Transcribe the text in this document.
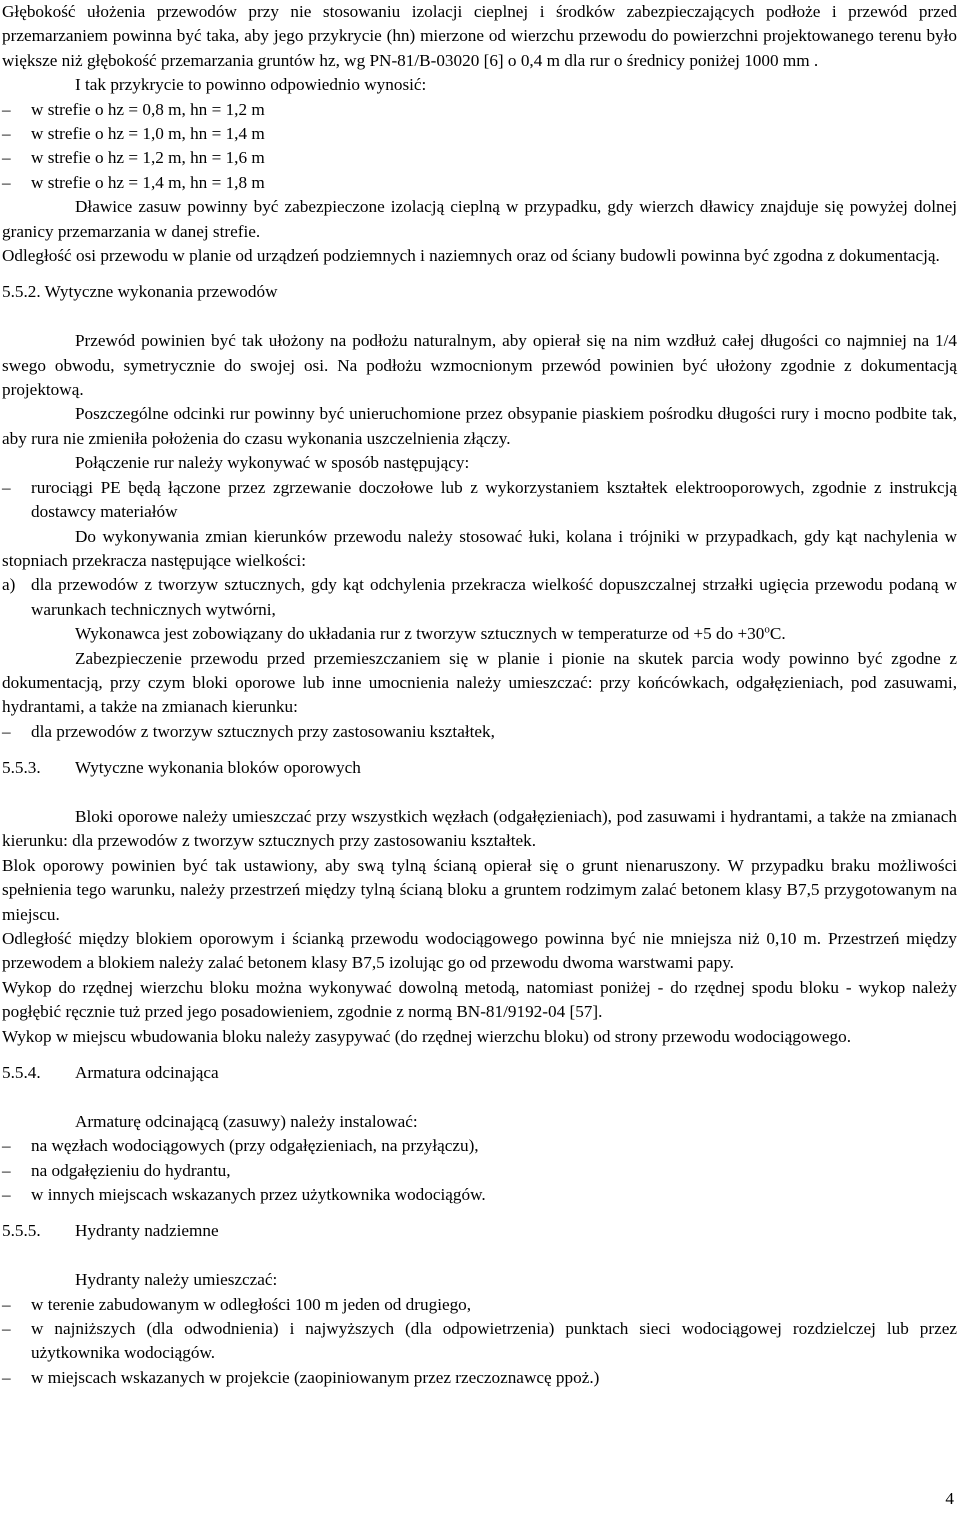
Głębokość ułożenia przewodów przy nie stosowaniu izolacji cieplnej i środków zabezpieczających podłoże i przewód przed przemarzaniem powinna być taka, aby jego przykrycie (hn) mierzone od wierzchu przewodu do powierzchni projektowanego terenu było większe niż głębokość przemarzania gruntów hz, wg PN-81/B-03020 [6] o 0,4 m dla rur o średnicy poniżej 1000 mm .

I tak przykrycie to powinno odpowiednio wynosić:

– w strefie o hz = 0,8 m, hn = 1,2 m
– w strefie o hz = 1,0 m, hn = 1,4 m
– w strefie o hz = 1,2 m, hn = 1,6 m
– w strefie o hz = 1,4 m, hn = 1,8 m

Dławice zasuw powinny być zabezpieczone izolacją cieplną w przypadku, gdy wierzch dławicy znajduje się powyżej dolnej granicy przemarzania w danej strefie.

Odległość osi przewodu w planie od urządzeń podziemnych i naziemnych oraz od ściany budowli powinna być zgodna z dokumentacją.

5.5.2. Wytyczne wykonania przewodów

Przewód powinien być tak ułożony na podłożu naturalnym, aby opierał się na nim wzdłuż całej długości co najmniej na 1/4 swego obwodu, symetrycznie do swojej osi. Na podłożu wzmocnionym przewód powinien być ułożony zgodnie z dokumentacją projektową.

Poszczególne odcinki rur powinny być unieruchomione przez obsypanie piaskiem pośrodku długości rury i mocno podbite tak, aby rura nie zmieniła położenia do czasu wykonania uszczelnienia złączy.

Połączenie rur należy wykonywać w sposób następujący:

– rurociągi PE będą łączone przez zgrzewanie doczołowe lub z wykorzystaniem kształtek elektrooporowych, zgodnie z instrukcją dostawcy materiałów

Do wykonywania zmian kierunków przewodu należy stosować łuki, kolana i trójniki w przypadkach, gdy kąt nachylenia w stopniach przekracza następujące wielkości:

a) dla przewodów z tworzyw sztucznych, gdy kąt odchylenia przekracza wielkość dopuszczalnej strzałki ugięcia przewodu podaną w warunkach technicznych wytwórni,

Wykonawca jest zobowiązany do układania rur z tworzyw sztucznych w temperaturze od +5 do $+30^oC$.

Zabezpieczenie przewodu przed przemieszczaniem się w planie i pionie na skutek parcia wody powinno być zgodne z dokumentacją, przy czym bloki oporowe lub inne umocnienia należy umieszczać: przy końcówkach, odgałęzieniach, pod zasuwami, hydrantami, a także na zmianach kierunku:

– dla przewodów z tworzyw sztucznych przy zastosowaniu kształtek,
5.5.3.	Wytyczne wykonania bloków oporowych

Bloki oporowe należy umieszczać przy wszystkich węzłach (odgałęzieniach), pod zasuwami i hydrantami, a także na zmianach kierunku: dla przewodów z tworzyw sztucznych przy zastosowaniu kształtek.

Blok oporowy powinien być tak ustawiony, aby swą tylną ścianą opierał się o grunt nienaruszony. W przypadku braku możliwości spełnienia tego warunku, należy przestrzeń między tylną ścianą bloku a gruntem rodzimym zalać betonem klasy B7,5 przygotowanym na miejscu.

Odległość między blokiem oporowym i ścianką przewodu wodociągowego powinna być nie mniejsza niż 0,10 m. Przestrzeń między przewodem a blokiem należy zalać betonem klasy B7,5 izolując go od przewodu dwoma warstwami papy.

Wykop do rzędnej wierzchu bloku można wykonywać dowolną metodą, natomiast poniżej - do rzędnej spodu bloku - wykop należy pogłębić ręcznie tuż przed jego posadowieniem, zgodnie z normą BN-81/9192-04 [57].

Wykop w miejscu wbudowania bloku należy zasypywać (do rzędnej wierzchu bloku) od strony przewodu wodociągowego.

5.5.4.	Armatura odcinająca

Armaturę odcinającą (zasuwy) należy instalować:

– na węzłach wodociągowych (przy odgałęzieniach, na przyłączu),
– na odgałęzieniu do hydrantu,
– w innych miejscach wskazanych przez użytkownika wodociągów.
5.5.5.	Hydranty nadziemne

Hydranty należy umieszczać:

– w terenie zabudowanym w odległości 100 m jeden od drugiego,
– w najniższych (dla odwodnienia) i najwyższych (dla odpowietrzenia) punktach sieci wodociągowej rozdzielczej lub przez użytkownika wodociągów.
– w miejscach wskazanych w projekcie (zaopiniowanym przez rzeczoznawcę ppoż.)
4
